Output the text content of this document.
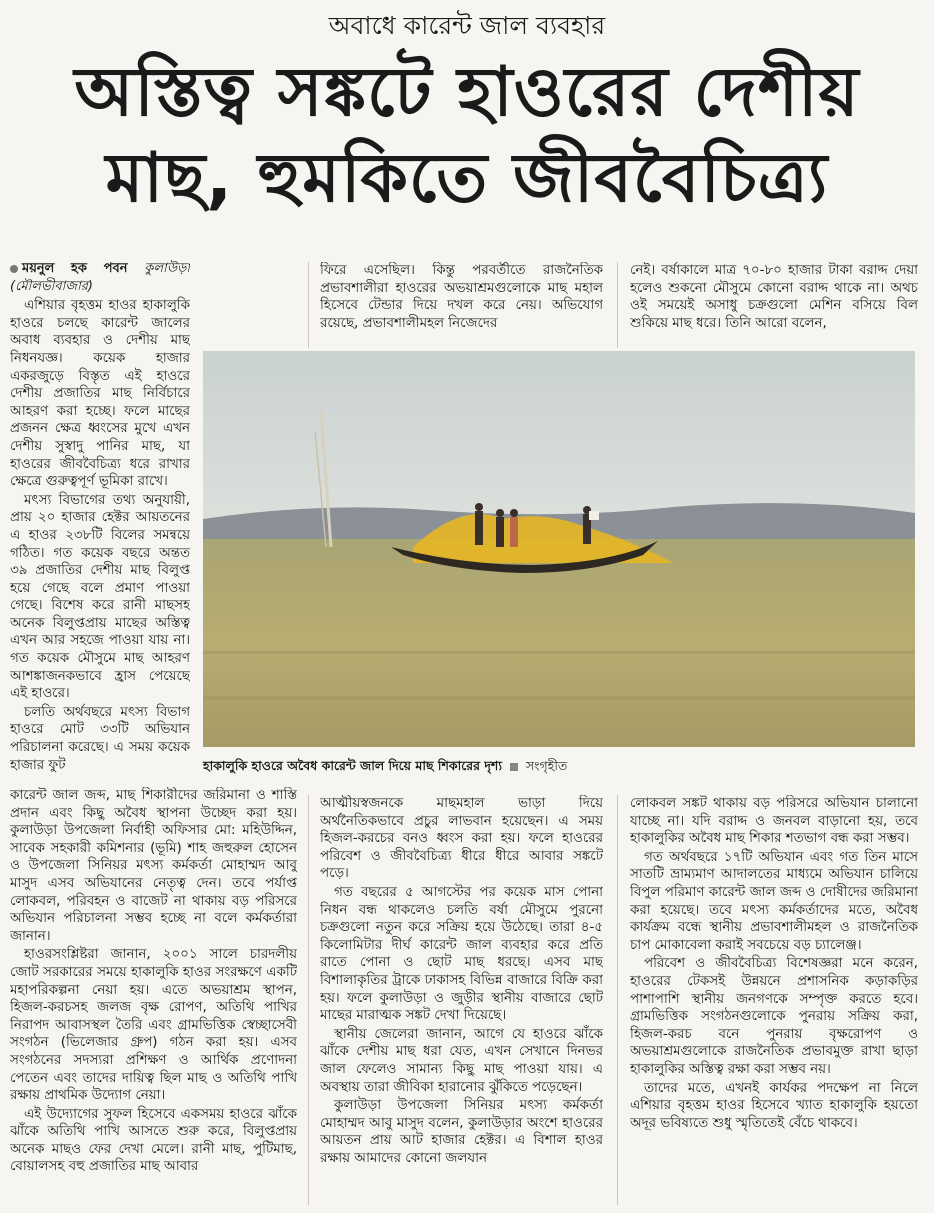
অবাধে কারেন্ট জাল ব্যবহার
অস্তিত্ব সঙ্কটে হাওরের দেশীয়
মাছ, হুমকিতে জীববৈচিত্র্য
ময়নুল হক পবন কুলাউড়া (মৌলভীবাজার)

এশিয়ার বৃহত্তম হাওর হাকালুকি হাওরে চলছে কারেন্ট জালের অবাধ ব্যবহার ও দেশীয় মাছ নিধনযজ্ঞ। কয়েক হাজার একরজুড়ে বিস্তৃত এই হাওরে দেশীয় প্রজাতির মাছ নির্বিচারে আহরণ করা হচ্ছে। ফলে মাছের প্রজনন ক্ষেত্র ধ্বংসের মুখে এখন দেশীয় সুস্বাদু পানির মাছ, যা হাওরের জীববৈচিত্র্য ধরে রাখার ক্ষেত্রে গুরুত্বপূর্ণ ভূমিকা রাখে।

মৎস্য বিভাগের তথ্য অনুযায়ী, প্রায় ২০ হাজার হেক্টর আয়তনের এ হাওর ২৩৮টি বিলের সমন্বয়ে গঠিত। গত কয়েক বছরে অন্তত ৩৯ প্রজাতির দেশীয় মাছ বিলুপ্ত হয়ে গেছে বলে প্রমাণ পাওয়া গেছে। বিশেষ করে রানী মাছসহ অনেক বিলুপ্তপ্রায় মাছের অস্তিত্ব এখন আর সহজে পাওয়া যায় না। গত কয়েক মৌসুমে মাছ আহরণ আশঙ্কাজনকভাবে হ্রাস পেয়েছে এই হাওরে।

চলতি অর্থবছরে মৎস্য বিভাগ হাওরে মোট ৩৩টি অভিযান পরিচালনা করেছে। এ সময় কয়েক হাজার ফুট

কারেন্ট জাল জব্দ, মাছ শিকারীদের জরিমানা ও শাস্তি প্রদান এবং কিছু অবৈধ স্থাপনা উচ্ছেদ করা হয়। কুলাউড়া উপজেলা নির্বাহী অফিসার মো: মহিউদ্দিন, সাবেক সহকারী কমিশনার (ভূমি) শাহ জহুরুল হোসেন ও উপজেলা সিনিয়র মৎস্য কর্মকর্তা মোহাম্মদ আবু মাসুদ এসব অভিযানের নেতৃত্ব দেন। তবে পর্যাপ্ত লোকবল, পরিবহন ও বাজেট না থাকায় বড় পরিসরে অভিযান পরিচালনা সম্ভব হচ্ছে না বলে কর্মকর্তারা জানান।

হাওরসংশ্লিষ্টরা জানান, ২০০১ সালে চারদলীয় জোট সরকারের সময়ে হাকালুকি হাওর সংরক্ষণে একটি মহাপরিকল্পনা নেয়া হয়। এতে অভয়াশ্রম স্থাপন, হিজল-করচসহ জলজ বৃক্ষ রোপণ, অতিথি পাখির নিরাপদ আবাসস্থল তৈরি এবং গ্রামভিত্তিক স্বেচ্ছাসেবী সংগঠন (ভিলেজার গ্রুপ) গঠন করা হয়। এসব সংগঠনের সদস্যরা প্রশিক্ষণ ও আর্থিক প্রণোদনা পেতেন এবং তাদের দায়িত্ব ছিল মাছ ও অতিথি পাখি রক্ষায় প্রাথমিক উদ্যোগ নেয়া।

এই উদ্যোগের সুফল হিসেবে একসময় হাওরে ঝাঁকে ঝাঁকে অতিথি পাখি আসতে শুরু করে, বিলুপ্তপ্রায় অনেক মাছও ফের দেখা মেলে। রানী মাছ, পুটিমাছ, বোয়ালসহ বহু প্রজাতির মাছ আবার

ফিরে এসেছিল। কিন্তু পরবর্তীতে রাজনৈতিক প্রভাবশালীরা হাওরের অভয়াশ্রমগুলোকে মাছ মহাল হিসেবে টেন্ডার দিয়ে দখল করে নেয়। অভিযোগ রয়েছে, প্রভাবশালীমহল নিজেদের

আত্মীয়স্বজনকে মাছমহাল ভাড়া দিয়ে অর্থনৈতিকভাবে প্রচুর লাভবান হয়েছেন। এ সময় হিজল-করচের বনও ধ্বংস করা হয়। ফলে হাওরের পরিবেশ ও জীববৈচিত্র্য ধীরে ধীরে আবার সঙ্কটে পড়ে।

গত বছরের ৫ আগস্টের পর কয়েক মাস পোনা নিধন বন্ধ থাকলেও চলতি বর্ষা মৌসুমে পুরনো চক্রগুলো নতুন করে সক্রিয় হয়ে উঠেছে। তারা ৪-৫ কিলোমিটার দীর্ঘ কারেন্ট জাল ব্যবহার করে প্রতি রাতে পোনা ও ছোট মাছ ধরছে। এসব মাছ বিশালাকৃতির ট্রাকে ঢাকাসহ বিভিন্ন বাজারে বিক্রি করা হয়। ফলে কুলাউড়া ও জুড়ীর স্থানীয় বাজারে ছোট মাছের মারাত্মক সঙ্কট দেখা দিয়েছে।

স্থানীয় জেলেরা জানান, আগে যে হাওরে ঝাঁকে ঝাঁকে দেশীয় মাছ ধরা যেত, এখন সেখানে দিনভর জাল ফেলেও সামান্য কিছু মাছ পাওয়া যায়। এ অবস্থায় তারা জীবিকা হারানোর ঝুঁকিতে পড়েছেন।

কুলাউড়া উপজেলা সিনিয়র মৎস্য কর্মকর্তা মোহাম্মদ আবু মাসুদ বলেন, কুলাউড়ার অংশে হাওরের আয়তন প্রায় আট হাজার হেক্টর। এ বিশাল হাওর রক্ষায় আমাদের কোনো জলযান

নেই। বর্ষাকালে মাত্র ৭০-৮০ হাজার টাকা বরাদ্দ দেয়া হলেও শুকনো মৌসুমে কোনো বরাদ্দ থাকে না। অথচ ওই সময়েই অসাধু চক্রগুলো মেশিন বসিয়ে বিল শুকিয়ে মাছ ধরে। তিনি আরো বলেন,

লোকবল সঙ্কট থাকায় বড় পরিসরে অভিযান চালানো যাচ্ছে না। যদি বরাদ্দ ও জনবল বাড়ানো হয়, তবে হাকালুকির অবৈধ মাছ শিকার শতভাগ বন্ধ করা সম্ভব।

গত অর্থবছরে ১৭টি অভিযান এবং গত তিন মাসে সাতটি ভ্রাম্যমাণ আদালতের মাধ্যমে অভিযান চালিয়ে বিপুল পরিমাণ কারেন্ট জাল জব্দ ও দোষীদের জরিমানা করা হয়েছে। তবে মৎস্য কর্মকর্তাদের মতে, অবৈধ কার্যক্রম বন্ধে স্থানীয় প্রভাবশালীমহল ও রাজনৈতিক চাপ মোকাবেলা করাই সবচেয়ে বড় চ্যালেঞ্জ।

পরিবেশ ও জীববৈচিত্র্য বিশেষজ্ঞরা মনে করেন, হাওরের টেকসই উন্নয়নে প্রশাসনিক কড়াকড়ির পাশাপাশি স্থানীয় জনগণকে সম্পৃক্ত করতে হবে। গ্রামভিত্তিক সংগঠনগুলোকে পুনরায় সক্রিয় করা, হিজল-করচ বনে পুনরায় বৃক্ষরোপণ ও অভয়াশ্রমগুলোকে রাজনৈতিক প্রভাবমুক্ত রাখা ছাড়া হাকালুকির অস্তিত্ব রক্ষা করা সম্ভব নয়।

তাদের মতে, এখনই কার্যকর পদক্ষেপ না নিলে এশিয়ার বৃহত্তম হাওর হিসেবে খ্যাত হাকালুকি হয়তো অদূর ভবিষ্যতে শুধু স্মৃতিতেই বেঁচে থাকবে।

হাকালুকি হাওরে অবৈধ কারেন্ট জাল দিয়ে মাছ শিকারের দৃশ্য সংগৃহীত
